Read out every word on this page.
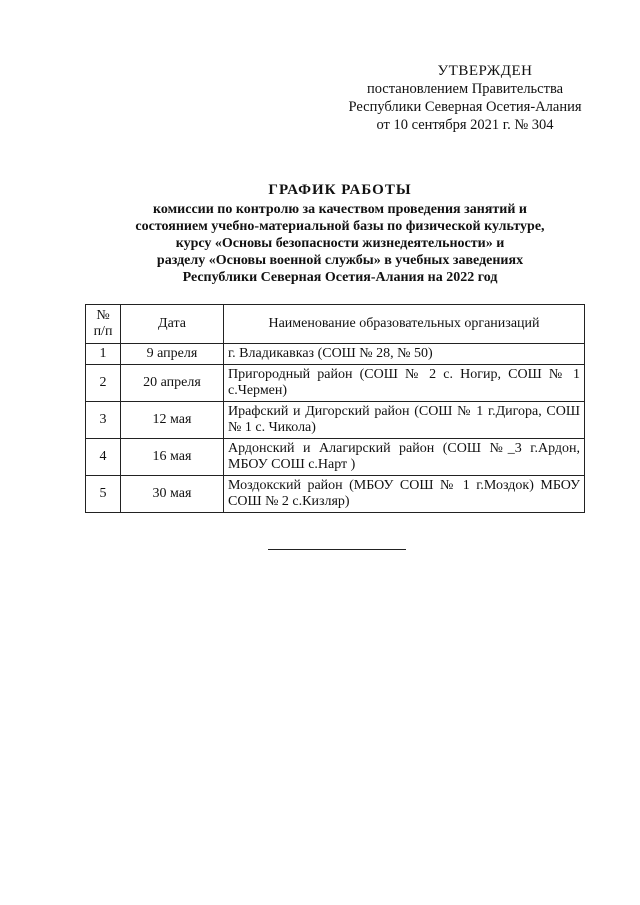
УТВЕРЖДЕН
постановлением Правительства
Республики Северная Осетия-Алания
от 10 сентября 2021 г. № 304
ГРАФИК РАБОТЫ
комиссии по контролю за качеством проведения занятий и
состоянием учебно-материальной базы по физической культуре,
курсу «Основы безопасности жизнедеятельности» и
разделу «Основы военной службы» в учебных заведениях
Республики Северная Осетия-Алания на 2022 год
№ п/п	Дата	Наименование образовательных организаций
1	9 апреля	г. Владикавказ (СОШ № 28, № 50)
2	20 апреля	Пригородный район (СОШ № 2 с. Ногир, СОШ № 1 с.Чермен)
3	12 мая	Ирафский и Дигорский район (СОШ № 1 г.Дигора, СОШ № 1 с. Чикола)
4	16 мая	Ардонский и Алагирский район (СОШ №_3 г.Ардон, МБОУ СОШ с.Нарт )
5	30 мая	Моздокский район (МБОУ СОШ № 1 г.Моздок) МБОУ СОШ № 2 с.Кизляр)
